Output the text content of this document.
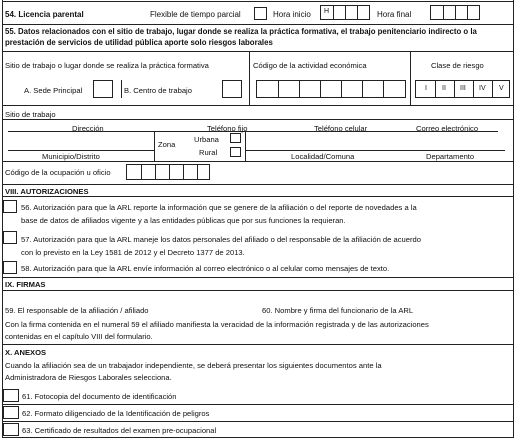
54. Licencia parental	Flexible de tiempo parcial	Hora inicio H	Hora final
55. Datos relacionados con el sitio de trabajo, lugar donde se realiza la práctica formativa, el trabajo penitenciario indirecto o la
prestación de servicios de utilidad pública aporte solo riesgos laborales
Sitio de trabajo o lugar donde se realiza la práctica formativa	Código de la actividad económica	Clase de riesgo
A. Sede Principal	B. Centro de trabajo	I II III IV V
Sitio de trabajo
Dirección	Teléfono fijo	Teléfono celular	Correo electrónico
Zona
Urbana
Rural
Municipio/Distrito	Localidad/Comuna	Departamento
Código de la ocupación u oficio
VIII. AUTORIZACIONES
56. Autorización para que la ARL reporte la información que se genere de la afiliación o del reporte de novedades a la
base de datos de afiliados vigente y a las entidades públicas que por sus funciones la requieran.
57. Autorización para que la ARL maneje los datos personales del afiliado o del responsable de la afiliación de acuerdo
con lo previsto en la Ley 1581 de 2012 y el Decreto 1377 de 2013.
58. Autorización para que la ARL envíe información al correo electrónico o al celular como mensajes de texto.
IX. FIRMAS
59. El responsable de la afiliación / afiliado	60. Nombre y firma del funcionario de la ARL
Con la firma contenida en el numeral 59 el afiliado manifiesta la veracidad de la información registrada y de las autorizaciones
contenidas en el capítulo VIII del formulario.
X. ANEXOS
Cuando la afiliación sea de un trabajador independiente, se deberá presentar los siguientes documentos ante la
Administradora de Riesgos Laborales selecciona.
61. Fotocopia del documento de identificación
62. Formato diligenciado de la Identificación de peligros
63. Certificado de resultados del examen pre-ocupacional
